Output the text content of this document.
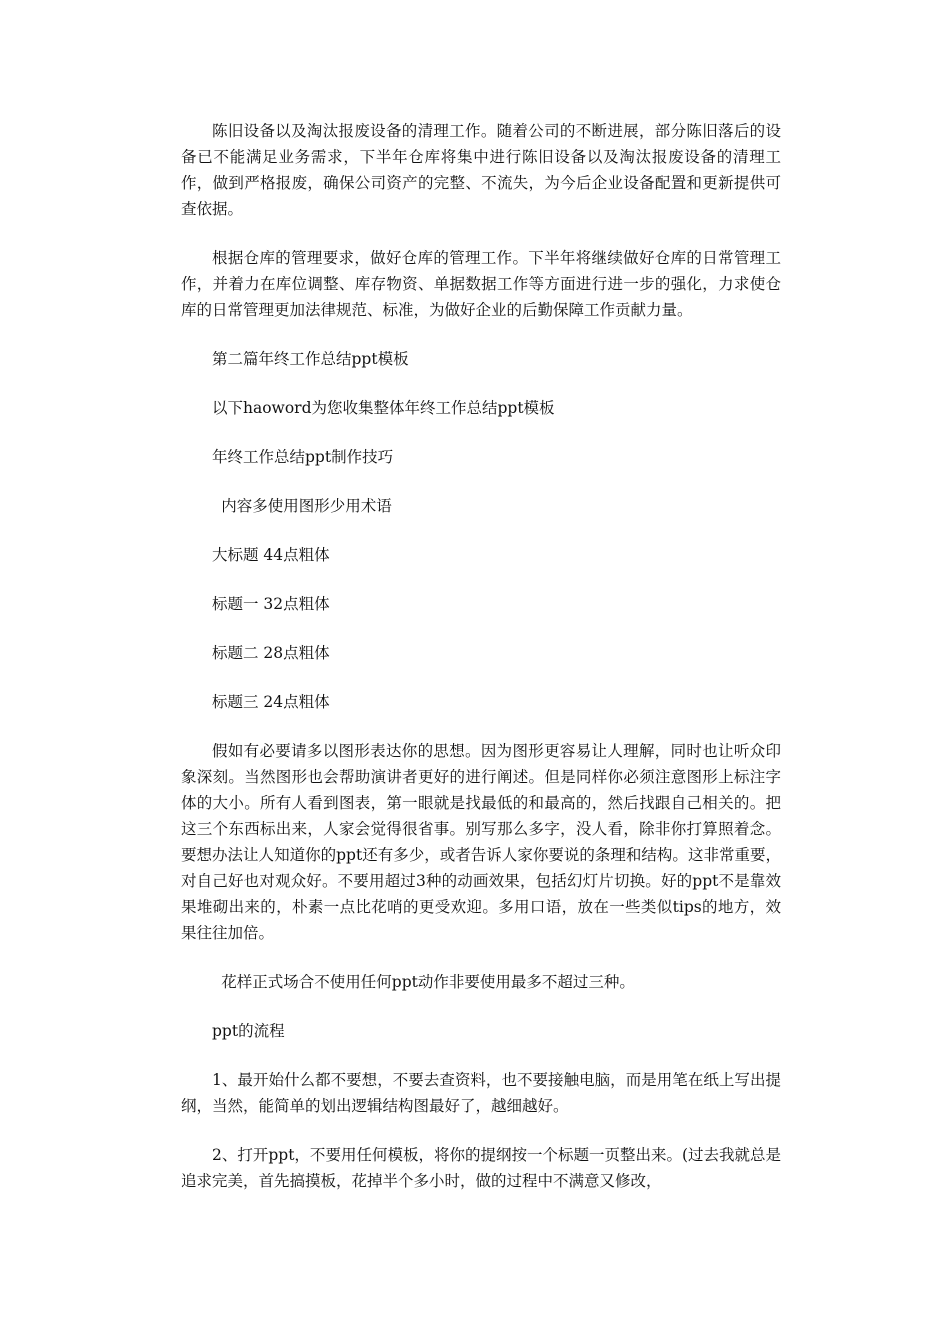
陈旧设备以及淘汰报废设备的清理工作。随着公司的不断进展，部分陈旧落后的设备已不能满足业务需求，下半年仓库将集中进行陈旧设备以及淘汰报废设备的清理工作，做到严格报废，确保公司资产的完整、不流失，为今后企业设备配置和更新提供可查依据。

根据仓库的管理要求，做好仓库的管理工作。下半年将继续做好仓库的日常管理工作，并着力在库位调整、库存物资、单据数据工作等方面进行进一步的强化，力求使仓库的日常管理更加法律规范、标准，为做好企业的后勤保障工作贡献力量。

第二篇年终工作总结ppt模板

以下haoword为您收集整体年终工作总结ppt模板

年终工作总结ppt制作技巧

内容多使用图形少用术语

大标题 44点粗体

标题一 32点粗体

标题二 28点粗体

标题三 24点粗体

假如有必要请多以图形表达你的思想。因为图形更容易让人理解，同时也让听众印象深刻。当然图形也会帮助演讲者更好的进行阐述。但是同样你必须注意图形上标注字体的大小。所有人看到图表，第一眼就是找最低的和最高的，然后找跟自己相关的。把这三个东西标出来，人家会觉得很省事。别写那么多字，没人看，除非你打算照着念。要想办法让人知道你的ppt还有多少，或者告诉人家你要说的条理和结构。这非常重要，对自己好也对观众好。不要用超过3种的动画效果，包括幻灯片切换。好的ppt不是靠效果堆砌出来的，朴素一点比花哨的更受欢迎。多用口语，放在一些类似tips的地方，效果往往加倍。

花样正式场合不使用任何ppt动作非要使用最多不超过三种。

ppt的流程

1、最开始什么都不要想，不要去查资料，也不要接触电脑，而是用笔在纸上写出提纲，当然，能简单的划出逻辑结构图最好了，越细越好。

2、打开ppt，不要用任何模板，将你的提纲按一个标题一页整出来。(过去我就总是追求完美，首先搞摸板，花掉半个多小时，做的过程中不满意又修改，
